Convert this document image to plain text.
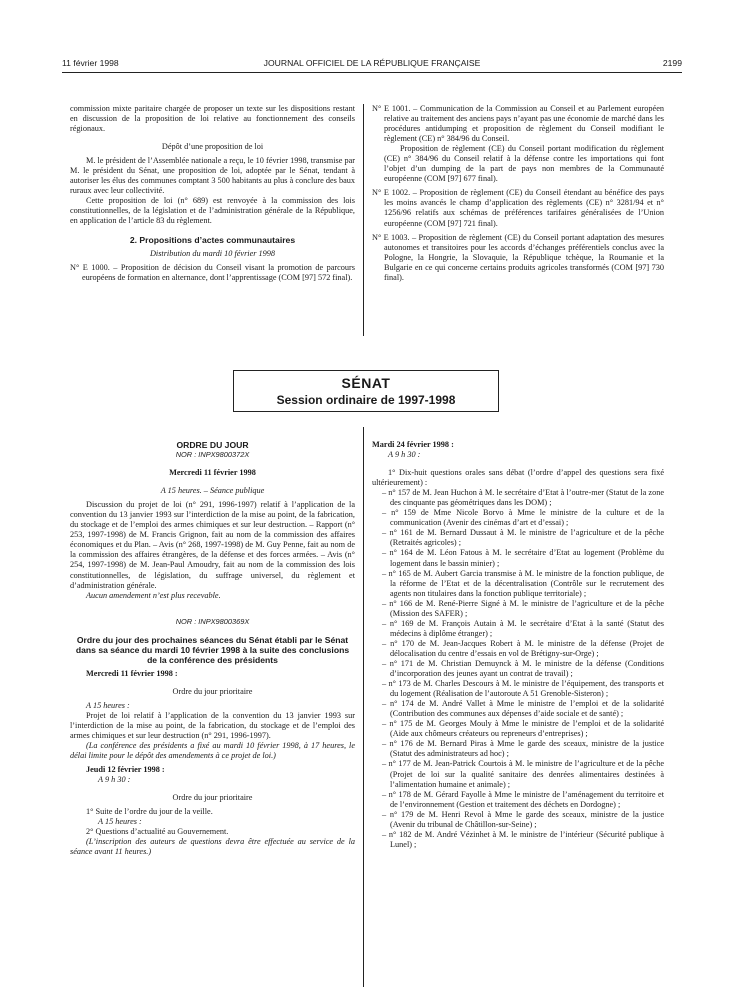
11 février 1998	JOURNAL OFFICIEL DE LA RÉPUBLIQUE FRANÇAISE	2199

commission mixte paritaire chargée de proposer un texte sur les dispositions restant en discussion de la proposition de loi relative au fonctionnement des conseils régionaux.

Dépôt d’une proposition de loi

M. le président de l’Assemblée nationale a reçu, le 10 février 1998, transmise par M. le président du Sénat, une proposition de loi, adoptée par le Sénat, tendant à autoriser les élus des communes comptant 3 500 habitants au plus à conclure des baux ruraux avec leur collectivité.

Cette proposition de loi (n° 689) est renvoyée à la commission des lois constitutionnelles, de la législation et de l’administration générale de la République, en application de l’article 83 du règlement.

2. Propositions d’actes communautaires

Distribution du mardi 10 février 1998

N° E 1000. – Proposition de décision du Conseil visant la promotion de parcours européens de formation en alternance, dont l’apprentissage (COM [97] 572 final).

N° E 1001. – Communication de la Commission au Conseil et au Parlement européen relative au traitement des anciens pays n’ayant pas une économie de marché dans les procédures antidumping et proposition de règlement du Conseil modifiant le règlement (CE) n° 384/96 du Conseil.

Proposition de règlement (CE) du Conseil portant modification du règlement (CE) n° 384/96 du Conseil relatif à la défense contre les importations qui font l’objet d’un dumping de la part de pays non membres de la Communauté européenne (COM [97] 677 final).

N° E 1002. – Proposition de règlement (CE) du Conseil étendant au bénéfice des pays les moins avancés le champ d’application des règlements (CE) n° 3281/94 et n° 1256/96 relatifs aux schémas de préférences tarifaires généralisées de l’Union européenne (COM [97] 721 final).

N° E 1003. – Proposition de règlement (CE) du Conseil portant adaptation des mesures autonomes et transitoires pour les accords d’échanges préférentiels conclus avec la Pologne, la Hongrie, la Slovaquie, la République tchèque, la Roumanie et la Bulgarie en ce qui concerne certains produits agricoles transformés (COM [97] 730 final).

SÉNAT
Session ordinaire de 1997-1998

ORDRE DU JOUR

NOR : INPX9800372X

Mercredi 11 février 1998

A 15 heures. – Séance publique

Discussion du projet de loi (n° 291, 1996-1997) relatif à l’application de la convention du 13 janvier 1993 sur l’interdiction de la mise au point, de la fabrication, du stockage et de l’emploi des armes chimiques et sur leur destruction. – Rapport (n° 253, 1997-1998) de M. Francis Grignon, fait au nom de la commission des affaires économiques et du Plan. – Avis (n° 268, 1997-1998) de M. Guy Penne, fait au nom de la commission des affaires étrangères, de la défense et des forces armées. – Avis (n° 254, 1997-1998) de M. Jean-Paul Amoudry, fait au nom de la commission des lois constitutionnelles, de législation, du suffrage universel, du règlement et d’administration générale.

Aucun amendement n’est plus recevable.

NOR : INPX9800369X

Ordre du jour des prochaines séances du Sénat établi par le Sénat dans sa séance du mardi 10 février 1998 à la suite des conclusions de la conférence des présidents

Mercredi 11 février 1998 :

Ordre du jour prioritaire

A 15 heures :

Projet de loi relatif à l’application de la convention du 13 janvier 1993 sur l’interdiction de la mise au point, de la fabrication, du stockage et de l’emploi des armes chimiques et sur leur destruction (n° 291, 1996-1997).

(La conférence des présidents a fixé au mardi 10 février 1998, à 17 heures, le délai limite pour le dépôt des amendements à ce projet de loi.)

Jeudi 12 février 1998 :

A 9 h 30 :

Ordre du jour prioritaire

1° Suite de l’ordre du jour de la veille.

A 15 heures :

2° Questions d’actualité au Gouvernement.

(L’inscription des auteurs de questions devra être effectuée au service de la séance avant 11 heures.)

Mardi 24 février 1998 :

A 9 h 30 :

1° Dix-huit questions orales sans débat (l’ordre d’appel des questions sera fixé ultérieurement) :

– n° 157 de M. Jean Huchon à M. le secrétaire d’Etat à l’outre-mer (Statut de la zone des cinquante pas géométriques dans les DOM) ;

– n° 159 de Mme Nicole Borvo à Mme le ministre de la culture et de la communication (Avenir des cinémas d’art et d’essai) ;

– n° 161 de M. Bernard Dussaut à M. le ministre de l’agriculture et de la pêche (Retraités agricoles) ;

– n° 164 de M. Léon Fatous à M. le secrétaire d’Etat au logement (Problème du logement dans le bassin minier) ;

– n° 165 de M. Aubert Garcia transmise à M. le ministre de la fonction publique, de la réforme de l’Etat et de la décentralisation (Contrôle sur le recrutement des agents non titulaires dans la fonction publique territoriale) ;

– n° 166 de M. René-Pierre Signé à M. le ministre de l’agriculture et de la pêche (Mission des SAFER) ;

– n° 169 de M. François Autain à M. le secrétaire d’Etat à la santé (Statut des médecins à diplôme étranger) ;

– n° 170 de M. Jean-Jacques Robert à M. le ministre de la défense (Projet de délocalisation du centre d’essais en vol de Brétigny-sur-Orge) ;

– n° 171 de M. Christian Demuynck à M. le ministre de la défense (Conditions d’incorporation des jeunes ayant un contrat de travail) ;

– n° 173 de M. Charles Descours à M. le ministre de l’équipement, des transports et du logement (Réalisation de l’autoroute A 51 Grenoble-Sisteron) ;

– n° 174 de M. André Vallet à Mme le ministre de l’emploi et de la solidarité (Contribution des communes aux dépenses d’aide sociale et de santé) ;

– n° 175 de M. Georges Mouly à Mme le ministre de l’emploi et de la solidarité (Aide aux chômeurs créateurs ou repreneurs d’entreprises) ;

– n° 176 de M. Bernard Piras à Mme le garde des sceaux, ministre de la justice (Statut des administrateurs ad hoc) ;

– n° 177 de M. Jean-Patrick Courtois à M. le ministre de l’agriculture et de la pêche (Projet de loi sur la qualité sanitaire des denrées alimentaires destinées à l’alimentation humaine et animale) ;

– n° 178 de M. Gérard Fayolle à Mme le ministre de l’aménagement du territoire et de l’environnement (Gestion et traitement des déchets en Dordogne) ;

– n° 179 de M. Henri Revol à Mme le garde des sceaux, ministre de la justice (Avenir du tribunal de Châtillon-sur-Seine) ;

– n° 182 de M. André Vézinhet à M. le ministre de l’intérieur (Sécurité publique à Lunel) ;
